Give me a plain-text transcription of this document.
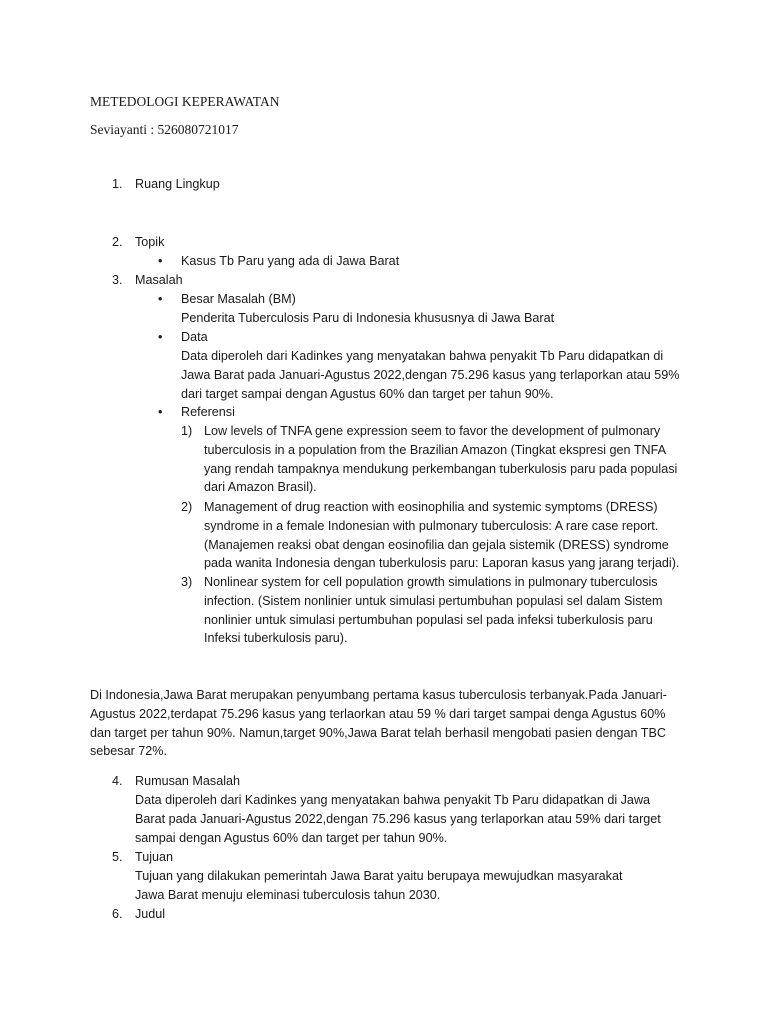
METEDOLOGI KEPERAWATAN
Seviayanti : 526080721017
1. Ruang Lingkup
2. Topik
• Kasus Tb Paru yang ada di Jawa Barat
3. Masalah
• Besar Masalah (BM)
Penderita Tuberculosis Paru di Indonesia khususnya di Jawa Barat
• Data
Data diperoleh dari Kadinkes yang menyatakan bahwa penyakit Tb Paru didapatkan di Jawa Barat pada Januari-Agustus 2022,dengan 75.296 kasus yang terlaporkan atau 59% dari target sampai dengan Agustus 60% dan target per tahun 90%.
• Referensi
1) Low levels of TNFA gene expression seem to favor the development of pulmonary tuberculosis in a population from the Brazilian Amazon (Tingkat ekspresi gen TNFA yang rendah tampaknya mendukung perkembangan tuberkulosis paru pada populasi dari Amazon Brasil).
2) Management of drug reaction with eosinophilia and systemic symptoms (DRESS) syndrome in a female Indonesian with pulmonary tuberculosis: A rare case report. (Manajemen reaksi obat dengan eosinofilia dan gejala sistemik (DRESS) syndrome pada wanita Indonesia dengan tuberkulosis paru: Laporan kasus yang jarang terjadi).
3) Nonlinear system for cell population growth simulations in pulmonary tuberculosis infection. (Sistem nonlinier untuk simulasi pertumbuhan populasi sel dalam Sistem nonlinier untuk simulasi pertumbuhan populasi sel pada infeksi tuberkulosis paru Infeksi tuberkulosis paru).
Di Indonesia,Jawa Barat merupakan penyumbang pertama kasus tuberculosis terbanyak.Pada Januari-Agustus 2022,terdapat 75.296 kasus yang terlaorkan atau 59 % dari target sampai denga Agustus 60% dan target per tahun 90%. Namun,target 90%,Jawa Barat telah berhasil mengobati pasien dengan TBC sebesar 72%.
4. Rumusan Masalah
Data diperoleh dari Kadinkes yang menyatakan bahwa penyakit Tb Paru didapatkan di Jawa Barat pada Januari-Agustus 2022,dengan 75.296 kasus yang terlaporkan atau 59% dari target sampai dengan Agustus 60% dan target per tahun 90%.
5. Tujuan
Tujuan yang dilakukan pemerintah Jawa Barat yaitu berupaya mewujudkan masyarakat Jawa Barat menuju eleminasi tuberculosis tahun 2030.
6. Judul
